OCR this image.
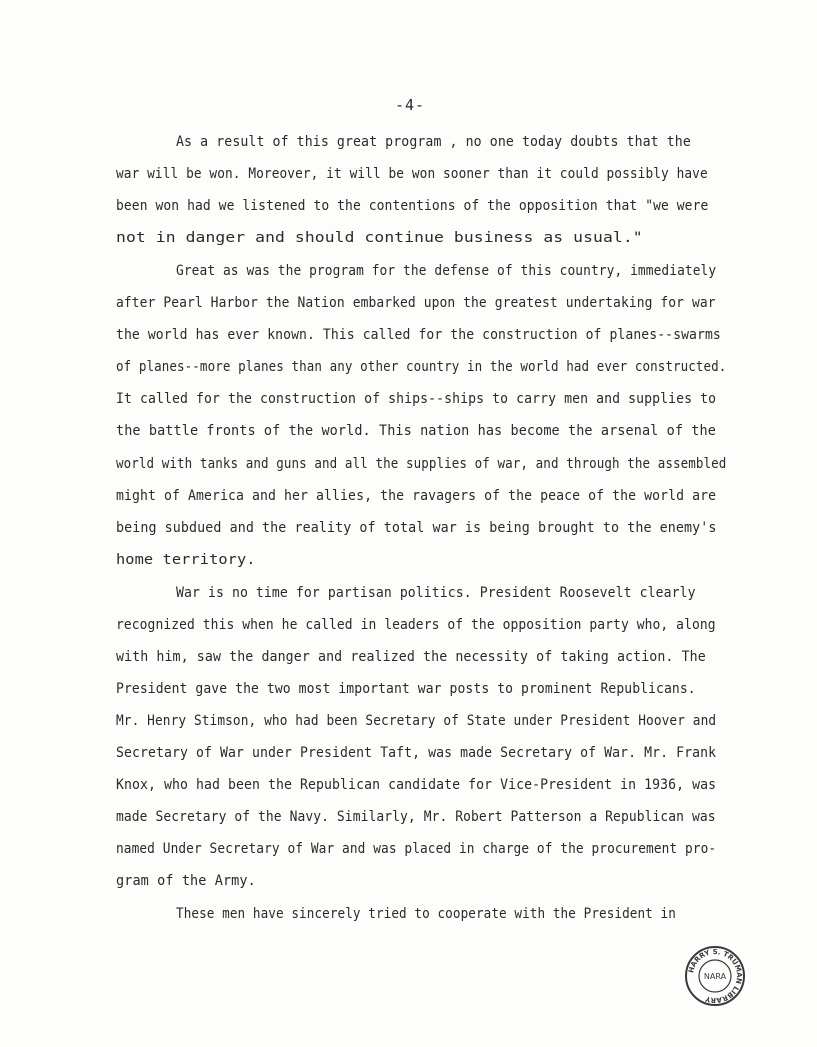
-4-
As a result of this great program , no one today doubts that the
war will be won. Moreover, it will be won sooner than it could possibly have
been won had we listened to the contentions of the opposition that "we were
not in danger and should continue business as usual."
Great as was the program for the defense of this country, immediately
after Pearl Harbor the Nation embarked upon the greatest undertaking for war
the world has ever known. This called for the construction of planes--swarms
of planes--more planes than any other country in the world had ever constructed.
It called for the construction of ships--ships to carry men and supplies to
the battle fronts of the world. This nation has become the arsenal of the
world with tanks and guns and all the supplies of war, and through the assembled
might of America and her allies, the ravagers of the peace of the world are
being subdued and the reality of total war is being brought to the enemy's
home territory.
War is no time for partisan politics. President Roosevelt clearly
recognized this when he called in leaders of the opposition party who, along
with him, saw the danger and realized the necessity of taking action. The
President gave the two most important war posts to prominent Republicans.
Mr. Henry Stimson, who had been Secretary of State under President Hoover and
Secretary of War under President Taft, was made Secretary of War. Mr. Frank
Knox, who had been the Republican candidate for Vice-President in 1936, was
made Secretary of the Navy. Similarly, Mr. Robert Patterson a Republican was
named Under Secretary of War and was placed in charge of the procurement pro-
gram of the Army.
These men have sincerely tried to cooperate with the President in
HARRY S. TRUMAN LIBRARY
NARA
